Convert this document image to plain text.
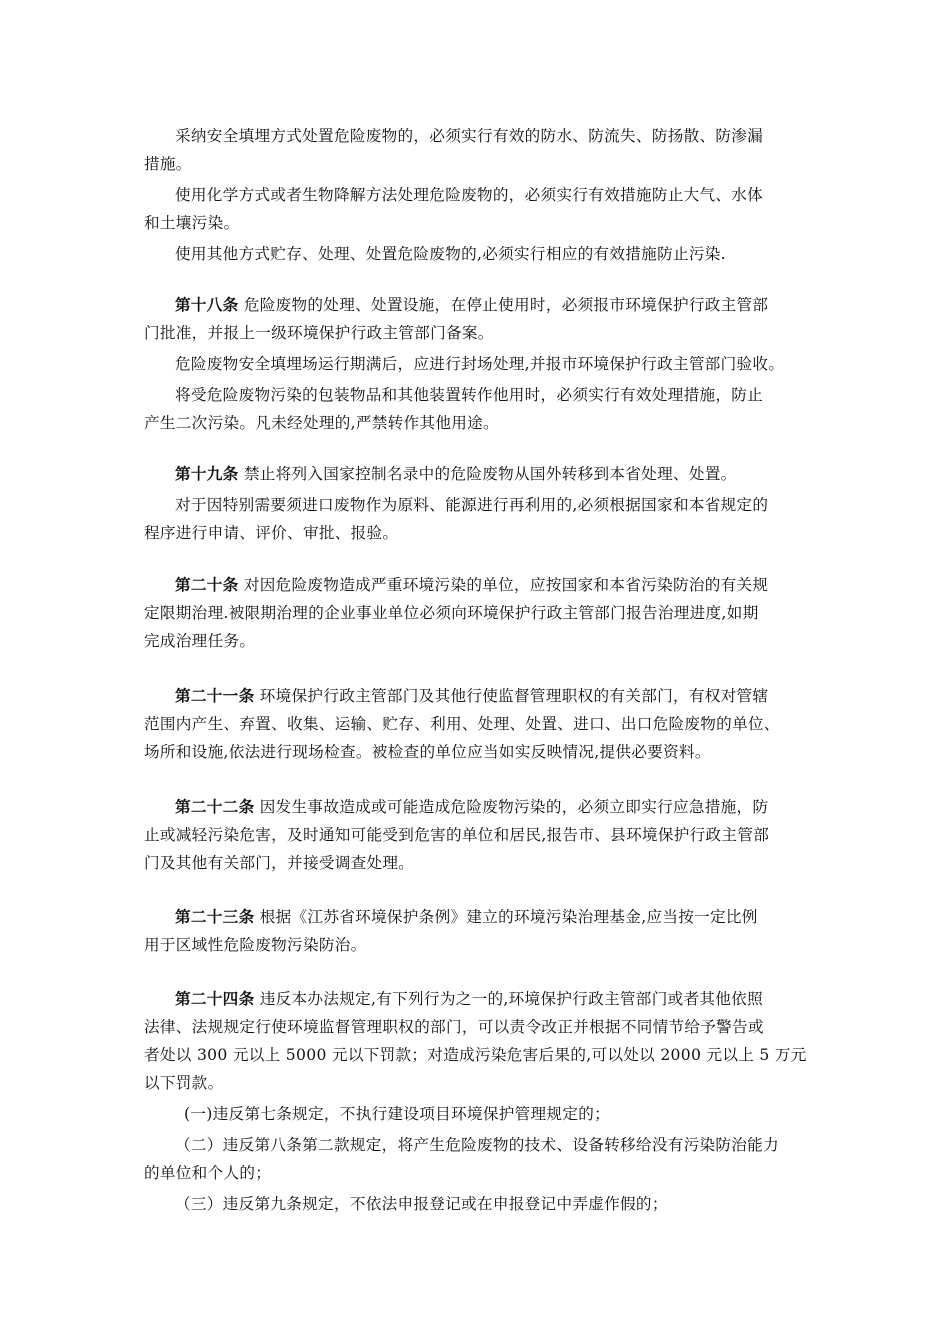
采纳安全填埋方式处置危险废物的，必须实行有效的防水、防流失、防扬散、防渗漏
措施。
使用化学方式或者生物降解方法处理危险废物的，必须实行有效措施防止大气、水体
和土壤污染。
使用其他方式贮存、处理、处置危险废物的,必须实行相应的有效措施防止污染.
第十八条 危险废物的处理、处置设施，在停止使用时，必须报市环境保护行政主管部
门批准，并报上一级环境保护行政主管部门备案。
危险废物安全填埋场运行期满后，应进行封场处理,并报市环境保护行政主管部门验收。
将受危险废物污染的包装物品和其他装置转作他用时，必须实行有效处理措施，防止
产生二次污染。凡未经处理的,严禁转作其他用途。
第十九条 禁止将列入国家控制名录中的危险废物从国外转移到本省处理、处置。
对于因特别需要须进口废物作为原料、能源进行再利用的,必须根据国家和本省规定的
程序进行申请、评价、审批、报验。
第二十条 对因危险废物造成严重环境污染的单位，应按国家和本省污染防治的有关规
定限期治理.被限期治理的企业事业单位必须向环境保护行政主管部门报告治理进度,如期
完成治理任务。
第二十一条 环境保护行政主管部门及其他行使监督管理职权的有关部门，有权对管辖
范围内产生、弃置、收集、运输、贮存、利用、处理、处置、进口、出口危险废物的单位、
场所和设施,依法进行现场检查。被检查的单位应当如实反映情况,提供必要资料。
第二十二条 因发生事故造成或可能造成危险废物污染的，必须立即实行应急措施，防
止或减轻污染危害，及时通知可能受到危害的单位和居民,报告市、县环境保护行政主管部
门及其他有关部门，并接受调查处理。
第二十三条 根据《江苏省环境保护条例》建立的环境污染治理基金,应当按一定比例
用于区域性危险废物污染防治。
第二十四条 违反本办法规定,有下列行为之一的,环境保护行政主管部门或者其他依照
法律、法规规定行使环境监督管理职权的部门，可以责令改正并根据不同情节给予警告或
者处以 300 元以上 5000 元以下罚款；对造成污染危害后果的,可以处以 2000 元以上 5 万元
以下罚款。
(一)违反第七条规定，不执行建设项目环境保护管理规定的；
（二）违反第八条第二款规定，将产生危险废物的技术、设备转移给没有污染防治能力
的单位和个人的；
（三）违反第九条规定，不依法申报登记或在申报登记中弄虚作假的；
